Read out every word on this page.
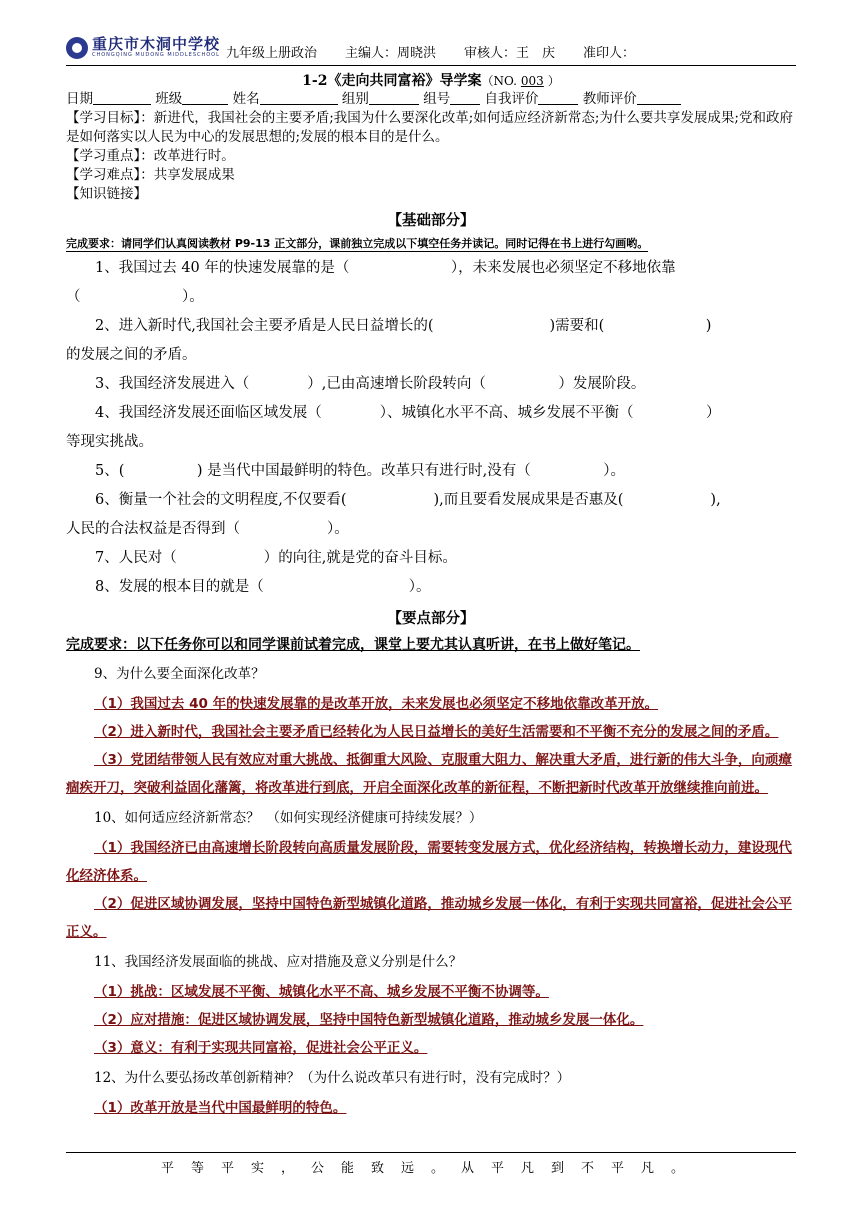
重庆市木洞中学校
CHONGQING MUDONG MIDDLESCHOOL 九年级上册政治 主编人：周晓洪 审核人：王　庆 准印人：
1-2《走向共同富裕》导学案（NO. 003 ）
日期	班级	姓名	组别	组号	自我评价	教师评价
【学习目标】：新进代，我国社会的主要矛盾;我国为什么要深化改革;如何适应经济新常态;为什么要共享发展成果;党和政府是如何落实以人民为中心的发展思想的;发展的根本目的是什么。
【学习重点】：改革进行时。
【学习难点】：共享发展成果
【知识链接】
【基础部分】
完成要求：请同学们认真阅读教材 P9-13 正文部分，课前独立完成以下填空任务并读记。同时记得在书上进行勾画哟。
1、我国过去 40 年的快速发展靠的是（　　　　　　　），未来发展也必须坚定不移地依靠
（　　　　　　　）。
2、进入新时代,我国社会主要矛盾是人民日益增长的(　　　　　　　　)需要和(　　　　　　　)
的发展之间的矛盾。
3、我国经济发展进入（　　　　）,已由高速增长阶段转向（　　　　　）发展阶段。
4、我国经济发展还面临区域发展（　　　　）、城镇化水平不高、城乡发展不平衡（　　　　　）
等现实挑战。
5、(　　　　　) 是当代中国最鲜明的特色。改革只有进行时,没有（　　　　　）。
6、衡量一个社会的文明程度,不仅要看(　　　　　　),而且要看发展成果是否惠及(　　　　　　),
人民的合法权益是否得到（　　　　　　）。
7、人民对（　　　　　　）的向往,就是党的奋斗目标。
8、发展的根本目的就是（　　　　　　　　　　）。
【要点部分】
完成要求：以下任务你可以和同学课前试着完成，课堂上要尤其认真听讲，在书上做好笔记。
9、为什么要全面深化改革？
（1）我国过去 40 年的快速发展靠的是改革开放，未来发展也必须坚定不移地依靠改革开放。
（2）进入新时代，我国社会主要矛盾已经转化为人民日益增长的美好生活需要和不平衡不充分的发展之间的矛盾。
（3）党团结带领人民有效应对重大挑战、抵御重大风险、克服重大阻力、解决重大矛盾，进行新的伟大斗争，向顽瘴痼疾开刀，突破利益固化藩篱，将改革进行到底，开启全面深化改革的新征程，不断把新时代改革开放继续推向前进。
10、如何适应经济新常态？　（如何实现经济健康可持续发展？）
（1）我国经济已由高速增长阶段转向高质量发展阶段，需要转变发展方式，优化经济结构，转换增长动力，建设现代化经济体系。
（2）促进区域协调发展，坚持中国特色新型城镇化道路，推动城乡发展一体化，有利于实现共同富裕，促进社会公平正义。
11、我国经济发展面临的挑战、应对措施及意义分别是什么？
（1）挑战：区域发展不平衡、城镇化水平不高、城乡发展不平衡不协调等。
（2）应对措施：促进区域协调发展，坚持中国特色新型城镇化道路，推动城乡发展一体化。
（3）意义：有利于实现共同富裕，促进社会公平正义。
12、为什么要弘扬改革创新精神？（为什么说改革只有进行时，没有完成时？）
（1）改革开放是当代中国最鲜明的特色。
平等平实，公能致远。从平凡到不平凡。
